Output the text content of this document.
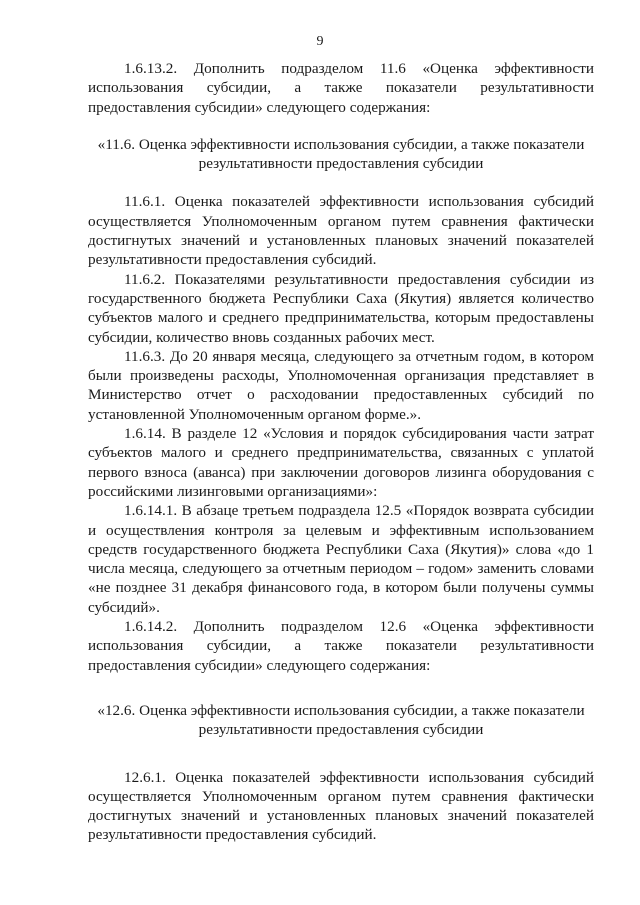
9

1.6.13.2. Дополнить подразделом 11.6 «Оценка эффективности использования субсидии, а также показатели результативности предоставления субсидии» следующего содержания:

«11.6. Оценка эффективности использования субсидии, а также показатели результативности предоставления субсидии

11.6.1. Оценка показателей эффективности использования субсидий осуществляется Уполномоченным органом путем сравнения фактически достигнутых значений и установленных плановых значений показателей результативности предоставления субсидий.

11.6.2. Показателями результативности предоставления субсидии из государственного бюджета Республики Саха (Якутия) является количество субъектов малого и среднего предпринимательства, которым предоставлены субсидии, количество вновь созданных рабочих мест.

11.6.3. До 20 января месяца, следующего за отчетным годом, в котором были произведены расходы, Уполномоченная организация представляет в Министерство отчет о расходовании предоставленных субсидий по установленной Уполномоченным органом форме.».

1.6.14. В разделе 12 «Условия и порядок субсидирования части затрат субъектов малого и среднего предпринимательства, связанных с уплатой первого взноса (аванса) при заключении договоров лизинга оборудования с российскими лизинговыми организациями»:

1.6.14.1. В абзаце третьем подраздела 12.5 «Порядок возврата субсидии и осуществления контроля за целевым и эффективным использованием средств государственного бюджета Республики Саха (Якутия)» слова «до 1 числа месяца, следующего за отчетным периодом – годом» заменить словами «не позднее 31 декабря финансового года, в котором были получены суммы субсидий».

1.6.14.2. Дополнить подразделом 12.6 «Оценка эффективности использования субсидии, а также показатели результативности предоставления субсидии» следующего содержания:

«12.6. Оценка эффективности использования субсидии, а также показатели результативности предоставления субсидии

12.6.1. Оценка показателей эффективности использования субсидий осуществляется Уполномоченным органом путем сравнения фактически достигнутых значений и установленных плановых значений показателей результативности предоставления субсидий.
